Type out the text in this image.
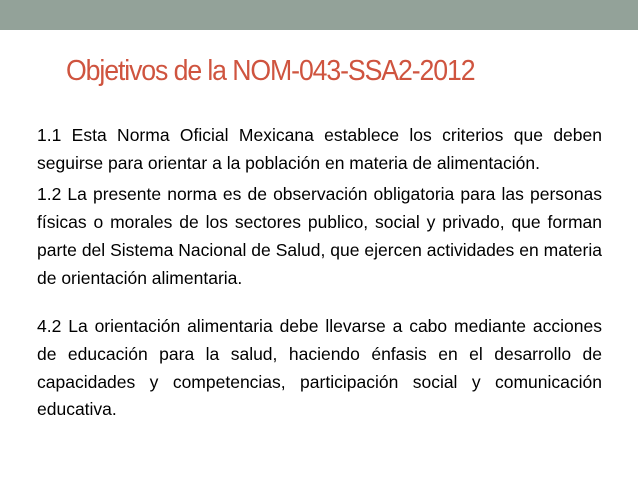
Objetivos de la NOM-043-SSA2-2012

1.1 Esta Norma Oficial Mexicana establece los criterios que deben seguirse para orientar a la población en materia de alimentación.

1.2 La presente norma es de observación obligatoria para las personas físicas o morales de los sectores publico, social y privado, que forman parte del Sistema Nacional de Salud, que ejercen actividades en materia de orientación alimentaria.

4.2 La orientación alimentaria debe llevarse a cabo mediante acciones de educación para la salud, haciendo énfasis en el desarrollo de capacidades y competencias, participación social y comunicación educativa.
